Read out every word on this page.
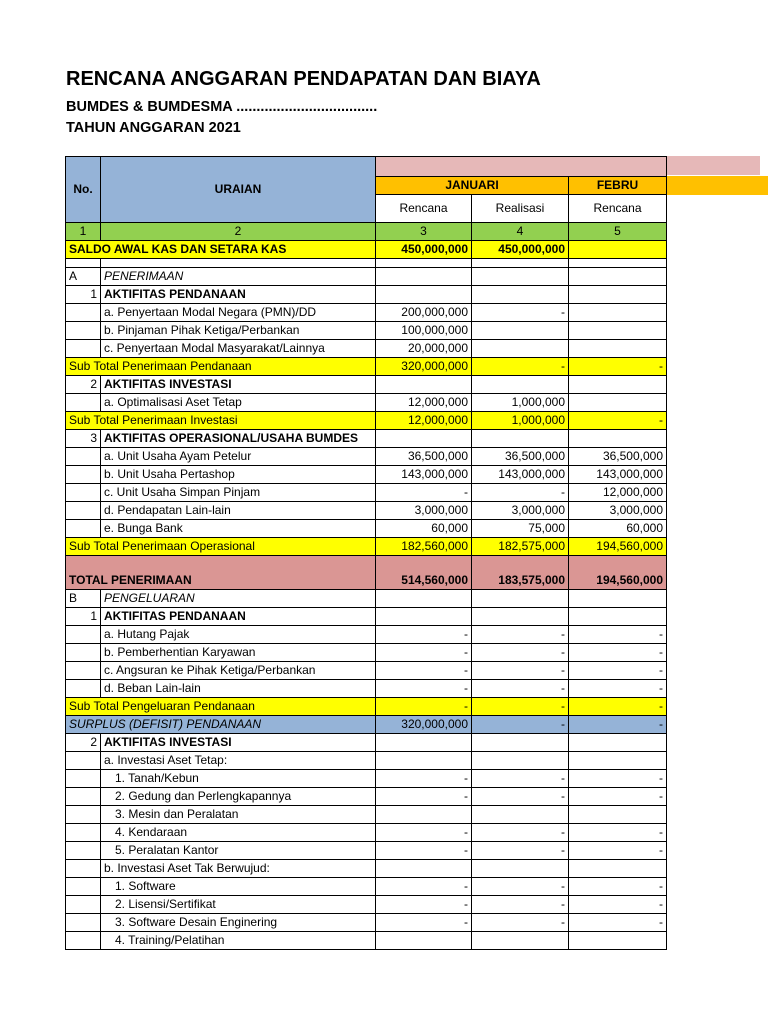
RENCANA ANGGARAN PENDAPATAN DAN BIAYA
BUMDES & BUMDESMA ...................................
TAHUN ANGGARAN 2021
No.	URAIAN			
		JANUARI		FEBRU
		Rencana	Realisasi	Rencana
1	2	3	4	5
SALDO AWAL KAS DAN SETARA KAS		450,000,000	450,000,000	

A	PENERIMAAN			
1	AKTIFITAS PENDANAAN			
	a. Penyertaan Modal Negara (PMN)/DD	200,000,000	-	
	b. Pinjaman Pihak Ketiga/Perbankan	100,000,000		
	c. Penyertaan Modal Masyarakat/Lainnya	20,000,000		
Sub Total Penerimaan Pendanaan		320,000,000	-	-
2	AKTIFITAS INVESTASI			
	a. Optimalisasi Aset Tetap	12,000,000	1,000,000	
Sub Total Penerimaan Investasi		12,000,000	1,000,000	-
3	AKTIFITAS OPERASIONAL/USAHA BUMDES			
	a. Unit Usaha Ayam Petelur	36,500,000	36,500,000	36,500,000
	b. Unit Usaha Pertashop	143,000,000	143,000,000	143,000,000
	c. Unit Usaha Simpan Pinjam	-	-	12,000,000
	d. Pendapatan Lain-lain	3,000,000	3,000,000	3,000,000
	e. Bunga Bank	60,000	75,000	60,000
Sub Total Penerimaan Operasional		182,560,000	182,575,000	194,560,000
TOTAL PENERIMAAN		514,560,000	183,575,000	194,560,000
B	PENGELUARAN			
1	AKTIFITAS PENDANAAN			
	a. Hutang Pajak	-	-	-
	b. Pemberhentian Karyawan	-	-	-
	c. Angsuran ke Pihak Ketiga/Perbankan	-	-	-
	d. Beban Lain-lain	-	-	-
Sub Total Pengeluaran Pendanaan		-	-	-
SURPLUS (DEFISIT) PENDANAAN		320,000,000	-	-
2	AKTIFITAS INVESTASI			
	a. Investasi Aset Tetap:			
	1. Tanah/Kebun	-	-	-
	2. Gedung dan Perlengkapannya	-	-	-
	3. Mesin dan Peralatan			
	4. Kendaraan	-	-	-
	5. Peralatan Kantor	-	-	-
	b. Investasi Aset Tak Berwujud:			
	1. Software	-	-	-
	2. Lisensi/Sertifikat	-	-	-
	3. Software Desain Enginering	-	-	-
	4. Training/Pelatihan			
